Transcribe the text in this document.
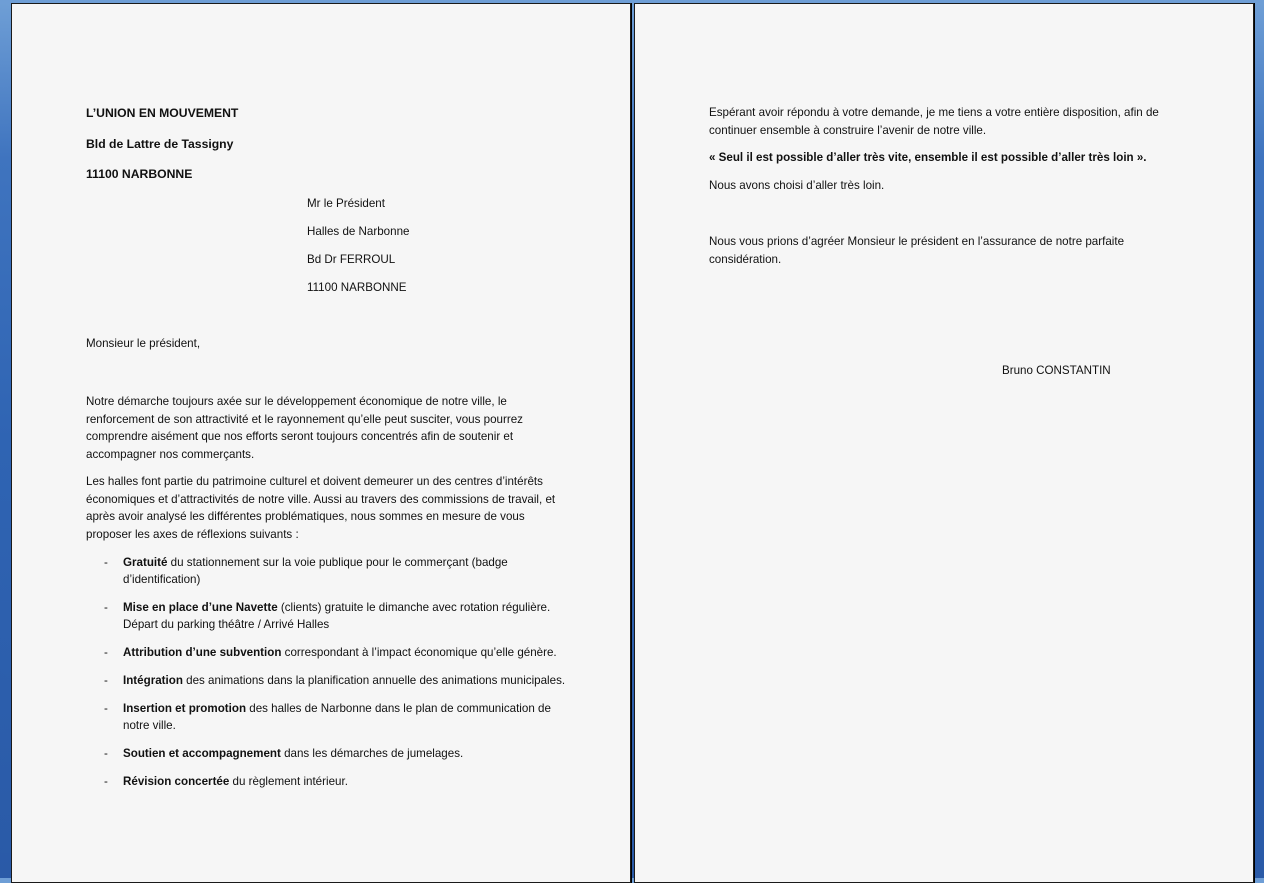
L’UNION EN MOUVEMENT

Bld de Lattre de Tassigny

11100 NARBONNE

Mr le Président

Halles de Narbonne

Bd Dr FERROUL

11100 NARBONNE

Monsieur le président,

Notre démarche toujours axée sur le développement économique de notre ville, le renforcement de son attractivité et le rayonnement qu’elle peut susciter, vous pourrez comprendre aisément que nos efforts seront toujours concentrés afin de soutenir et accompagner nos commerçants.

Les halles font partie du patrimoine culturel et doivent demeurer un des centres d’intérêts économiques et d’attractivités de notre ville. Aussi au travers des commissions de travail, et après avoir analysé les différentes problématiques, nous sommes en mesure de vous proposer les axes de réflexions suivants :

- Gratuité du stationnement sur la voie publique pour le commerçant (badge d’identification)
- Mise en place d’une Navette (clients) gratuite le dimanche avec rotation régulière. Départ du parking théâtre / Arrivé Halles
- Attribution d’une subvention correspondant à l’impact économique qu’elle génère.
- Intégration des animations dans la planification annuelle des animations municipales.
- Insertion et promotion des halles de Narbonne dans le plan de communication de notre ville.
- Soutien et accompagnement dans les démarches de jumelages.
- Révision concertée du règlement intérieur.

Espérant avoir répondu à votre demande, je me tiens a votre entière disposition, afin de continuer ensemble à construire l’avenir de notre ville.

« Seul il est possible d’aller très vite, ensemble il est possible d’aller très loin ».

Nous avons choisi d’aller très loin.

Nous vous prions d’agréer Monsieur le président en l’assurance de notre parfaite considération.

Bruno CONSTANTIN
